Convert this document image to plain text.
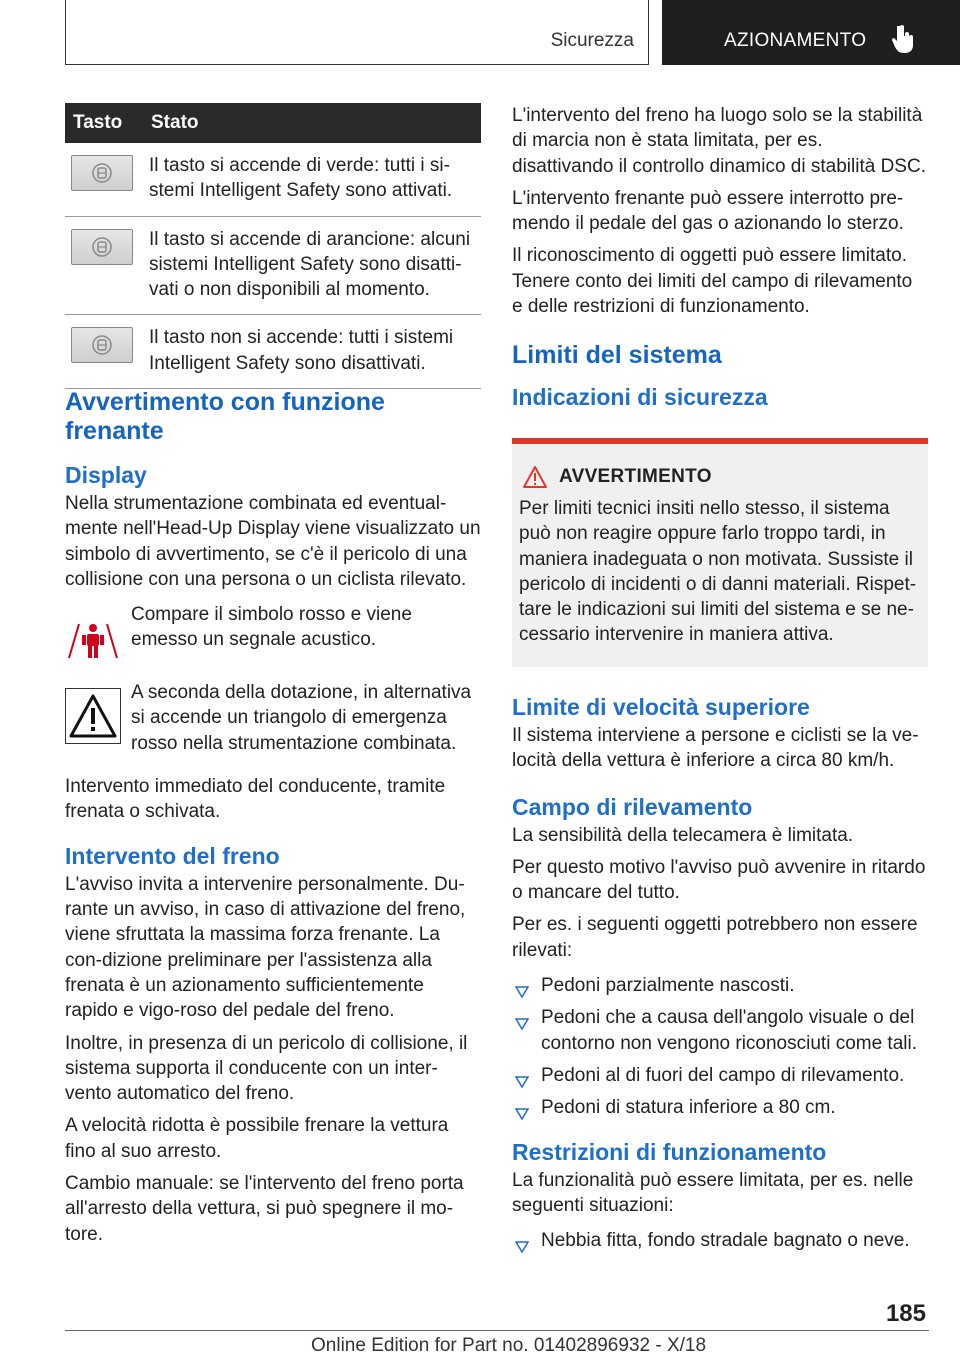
Sicurezza	AZIONAMENTO
Tasto	Stato

	Il tasto si accende di verde: tutti i si-stemi Intelligent Safety sono attivati.

	Il tasto si accende di arancione: alcuni sistemi Intelligent Safety sono disatti-vati o non disponibili al momento.

	Il tasto non si accende: tutti i sistemi Intelligent Safety sono disattivati.
Avvertimento con funzione frenante
Display

Nella strumentazione combinata ed eventual-mente nell'Head-Up Display viene visualizzato un simbolo di avvertimento, se c'è il pericolo di una collisione con una persona o un ciclista rilevato.

Compare il simbolo rosso e viene emesso un segnale acustico.

A seconda della dotazione, in alternativa si accende un triangolo di emergenza rosso nella strumentazione combinata.

Intervento immediato del conducente, tramite frenata o schivata.

Intervento del freno

L'avviso invita a intervenire personalmente. Du-rante un avviso, in caso di attivazione del freno, viene sfruttata la massima forza frenante. La con-dizione preliminare per l'assistenza alla frenata è un azionamento sufficientemente rapido e vigo-roso del pedale del freno.

Inoltre, in presenza di un pericolo di collisione, il sistema supporta il conducente con un inter-vento automatico del freno.

A velocità ridotta è possibile frenare la vettura fino al suo arresto.

Cambio manuale: se l'intervento del freno porta all'arresto della vettura, si può spegnere il mo-tore.

L'intervento del freno ha luogo solo se la stabilità di marcia non è stata limitata, per es. disattivando il controllo dinamico di stabilità DSC.

L'intervento frenante può essere interrotto pre-mendo il pedale del gas o azionando lo sterzo.

Il riconoscimento di oggetti può essere limitato. Tenere conto dei limiti del campo di rilevamento e delle restrizioni di funzionamento.

Limiti del sistema
Indicazioni di sicurezza
AVVERTIMENTO

Per limiti tecnici insiti nello stesso, il sistema può non reagire oppure farlo troppo tardi, in maniera inadeguata o non motivata. Sussiste il pericolo di incidenti o di danni materiali. Rispet-tare le indicazioni sui limiti del sistema e se ne-cessario intervenire in maniera attiva.

Limite di velocità superiore

Il sistema interviene a persone e ciclisti se la ve-locità della vettura è inferiore a circa 80 km/h.

Campo di rilevamento

La sensibilità della telecamera è limitata.

Per questo motivo l'avviso può avvenire in ritardo o mancare del tutto.

Per es. i seguenti oggetti potrebbero non essere rilevati:

Pedoni parzialmente nascosti.
Pedoni che a causa dell'angolo visuale o del contorno non vengono riconosciuti come tali.
Pedoni al di fuori del campo di rilevamento.
Pedoni di statura inferiore a 80 cm.
Restrizioni di funzionamento

La funzionalità può essere limitata, per es. nelle seguenti situazioni:

Nebbia fitta, fondo stradale bagnato o neve.
185
Online Edition for Part no. 01402896932 - X/18
